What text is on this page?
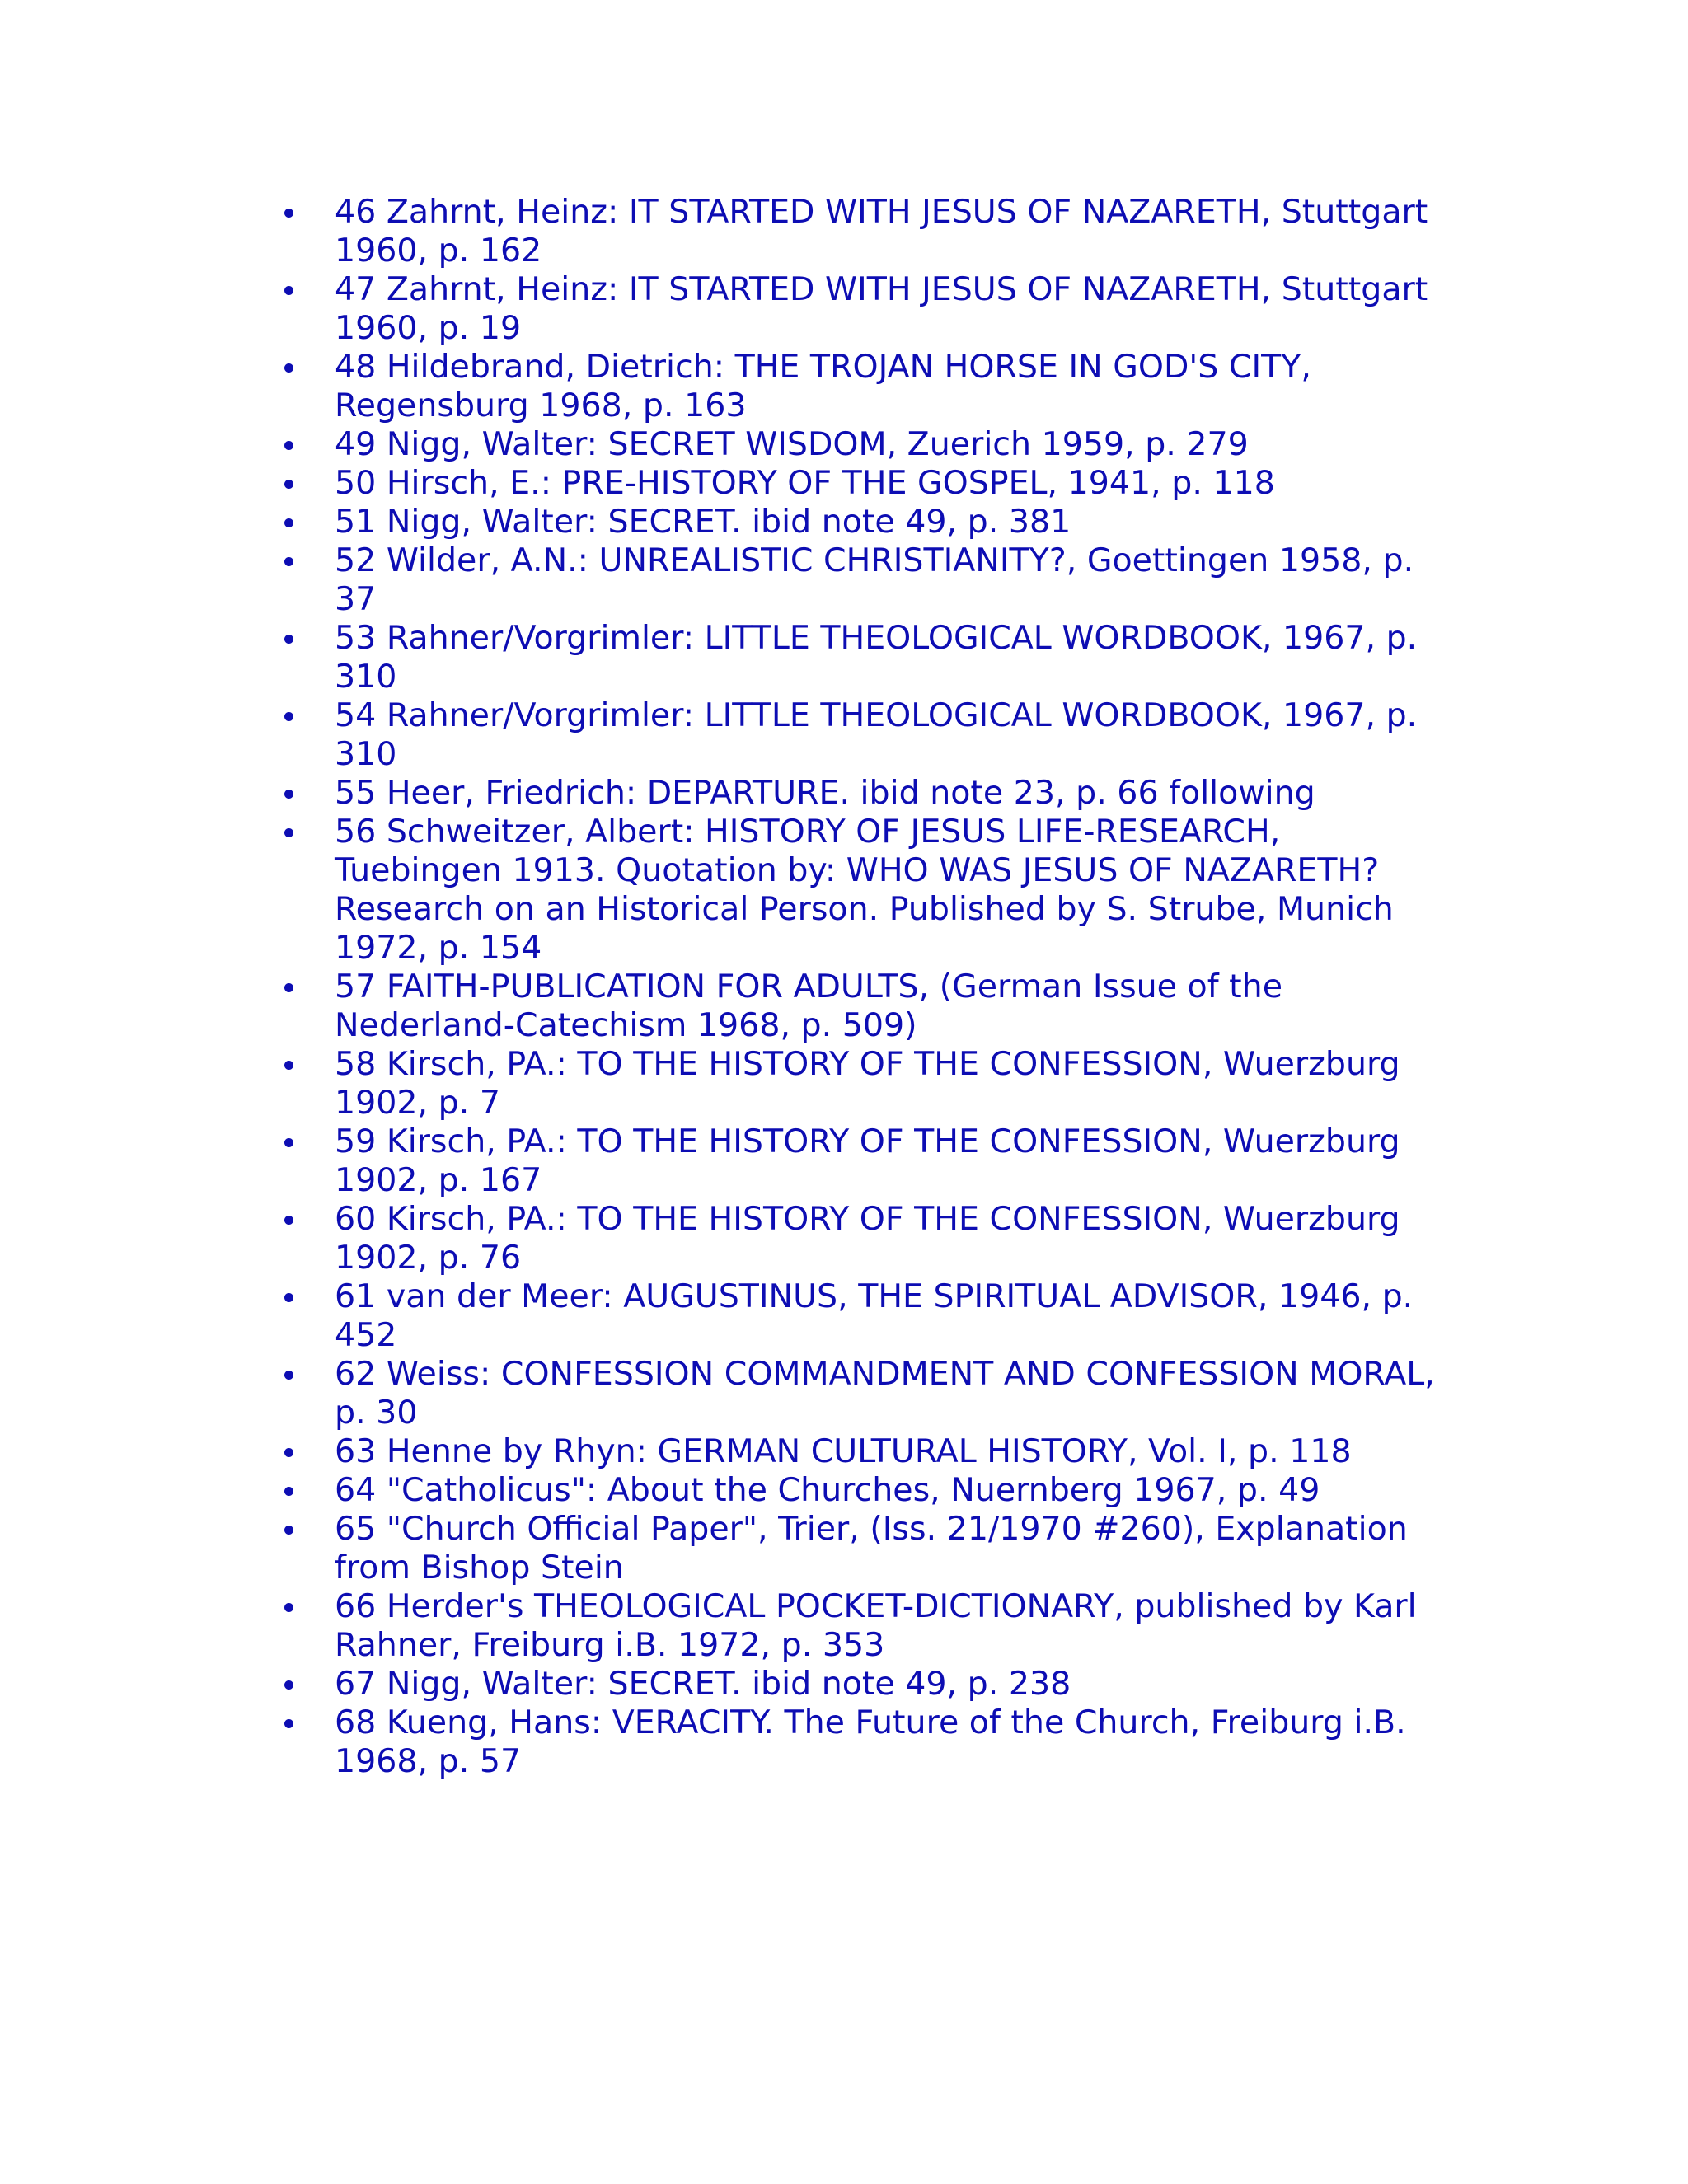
46 Zahrnt, Heinz: IT STARTED WITH JESUS OF NAZARETH, Stuttgart 1960, p. 162
47 Zahrnt, Heinz: IT STARTED WITH JESUS OF NAZARETH, Stuttgart 1960, p. 19
48 Hildebrand, Dietrich: THE TROJAN HORSE IN GOD'S CITY, Regensburg 1968, p. 163
49 Nigg, Walter: SECRET WISDOM, Zuerich 1959, p. 279
50 Hirsch, E.: PRE-HISTORY OF THE GOSPEL, 1941, p. 118
51 Nigg, Walter: SECRET. ibid note 49, p. 381
52 Wilder, A.N.: UNREALISTIC CHRISTIANITY?, Goettingen 1958, p. 37
53 Rahner/Vorgrimler: LITTLE THEOLOGICAL WORDBOOK, 1967, p. 310
54 Rahner/Vorgrimler: LITTLE THEOLOGICAL WORDBOOK, 1967, p. 310
55 Heer, Friedrich: DEPARTURE. ibid note 23, p. 66 following
56 Schweitzer, Albert: HISTORY OF JESUS LIFE-RESEARCH, Tuebingen 1913. Quotation by: WHO WAS JESUS OF NAZARETH? Research on an Historical Person. Published by S. Strube, Munich 1972, p. 154
57 FAITH-PUBLICATION FOR ADULTS, (German Issue of the Nederland-Catechism 1968, p. 509)
58 Kirsch, PA.: TO THE HISTORY OF THE CONFESSION, Wuerzburg 1902, p. 7
59 Kirsch, PA.: TO THE HISTORY OF THE CONFESSION, Wuerzburg 1902, p. 167
60 Kirsch, PA.: TO THE HISTORY OF THE CONFESSION, Wuerzburg 1902, p. 76
61 van der Meer: AUGUSTINUS, THE SPIRITUAL ADVISOR, 1946, p. 452
62 Weiss: CONFESSION COMMANDMENT AND CONFESSION MORAL, p. 30
63 Henne by Rhyn: GERMAN CULTURAL HISTORY, Vol. I, p. 118
64 "Catholicus": About the Churches, Nuernberg 1967, p. 49
65 "Church Official Paper", Trier, (Iss. 21/1970 #260), Explanation from Bishop Stein
66 Herder's THEOLOGICAL POCKET-DICTIONARY, published by Karl Rahner, Freiburg i.B. 1972, p. 353
67 Nigg, Walter: SECRET. ibid note 49, p. 238
68 Kueng, Hans: VERACITY. The Future of the Church, Freiburg i.B. 1968, p. 57
